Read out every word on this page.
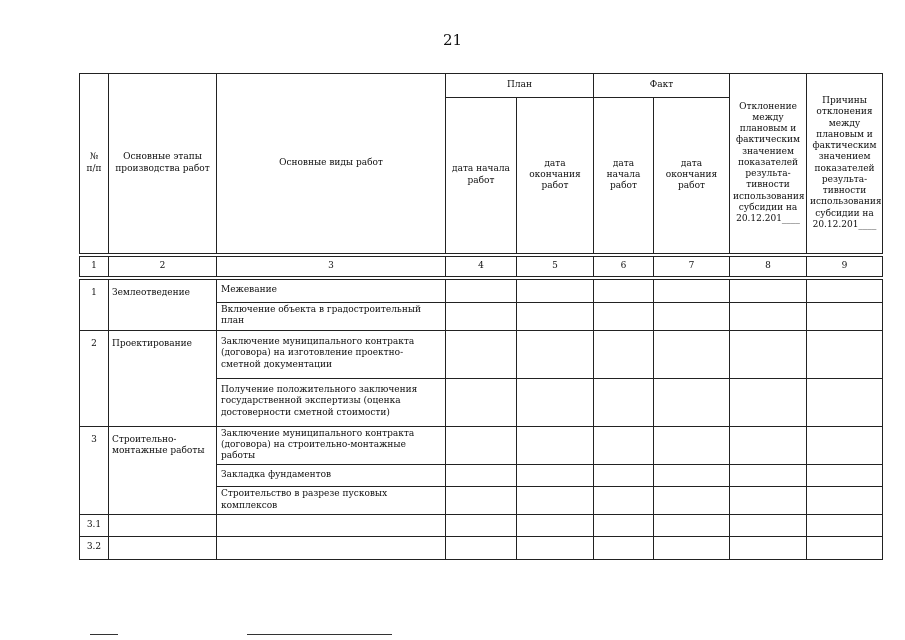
21
№
п/п	Основные этапы производства работ	Основные виды работ	План		Факт		Отклонение между плановым и фактическим значением показателей результа- тивности использования субсидии на 20.12.201____	Причины отклонения между плановым и фактическим значением показателей результа- тивности использования субсидии на 20.12.201____
			дата начала работ	дата окончания работ	дата начала работ	дата окончания работ		

1	2	3	4	5	6	7	8	9

1	Землеотведение	Межевание						
		Включение объекта в градостроительный план						
2	Проектирование	Заключение муниципального контракта (договора) на изготовление проектно-сметной документации						
		Получение положительного заключения государственной экспертизы (оценка достоверности сметной стоимости)						
3	Строительно-монтажные работы	Заключение муниципального контракта (договора) на строительно-монтажные работы						
		Закладка фундаментов						
		Строительство в разрезе пусковых комплексов						
3.1								
3.2								
